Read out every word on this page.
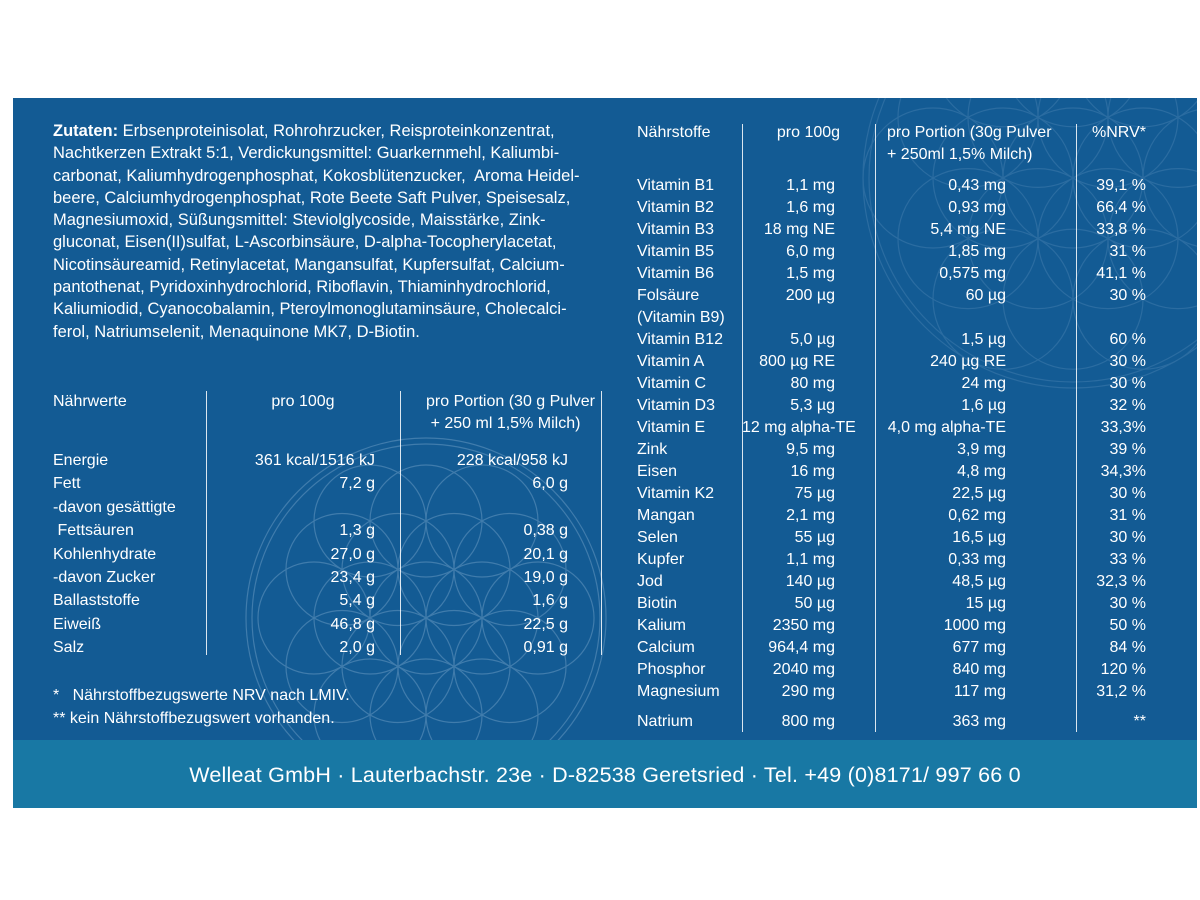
Zutaten: Erbsenproteinisolat, Rohrohrzucker, Reisproteinkonzentrat,
Nachtkerzen Extrakt 5:1, Verdickungsmittel: Guarkernmehl, Kaliumbi-
carbonat, Kaliumhydrogenphosphat, Kokosblütenzucker,  Aroma Heidel-
beere, Calciumhydrogenphosphat, Rote Beete Saft Pulver, Speisesalz,
Magnesiumoxid, Süßungsmittel: Steviolglycoside, Maisstärke, Zink-
gluconat, Eisen(II)sulfat, L-Ascorbinsäure, D-alpha-Tocopherylacetat,
Nicotinsäureamid, Retinylacetat, Mangansulfat, Kupfersulfat, Calcium-
pantothenat, Pyridoxinhydrochlorid, Riboflavin, Thiaminhydrochlorid,
Kaliumiodid, Cyanocobalamin, Pteroylmonoglutaminsäure, Cholecalci-
ferol, Natriumselenit, Menaquinone MK7, D-Biotin.
Nährwerte	pro 100g	pro Portion (30 g Pulver
+ 250 ml 1,5% Milch)
Energie	361 kcal/1516 kJ	228 kcal/958 kJ
Fett	7,2 g	6,0 g
-davon gesättigte
Fettsäuren	1,3 g	0,38 g
Kohlenhydrate	27,0 g	20,1 g
-davon Zucker	23,4 g	19,0 g
Ballaststoffe	5,4 g	1,6 g
Eiweiß	46,8 g	22,5 g
Salz	2,0 g	0,91 g
*   Nährstoffbezugswerte NRV nach LMIV.
** kein Nährstoffbezugswert vorhanden.
Nährstoffe	pro 100g	pro Portion (30g Pulver
+ 250ml 1,5% Milch)
%NRV*
Vitamin B1	1,1 mg	0,43 mg	39,1 %
Vitamin B2	1,6 mg	0,93 mg	66,4 %
Vitamin B3	18 mg NE	5,4 mg NE	33,8 %
Vitamin B5	6,0 mg	1,85 mg	31 %
Vitamin B6	1,5 mg	0,575 mg	41,1 %
Folsäure	200 µg	60 µg	30 %
(Vitamin B9)
Vitamin B12	5,0 µg	1,5 µg	60 %
Vitamin A	800 µg RE	240 µg RE	30 %
Vitamin C	80 mg	24 mg	30 %
Vitamin D3	5,3 µg	1,6 µg	32 %
Vitamin E 12 mg alpha-TE	4,0 mg alpha-TE	33,3%
Zink	9,5 mg	3,9 mg	39 %
Eisen	16 mg	4,8 mg	34,3%
Vitamin K2	75 µg	22,5 µg	30 %
Mangan	2,1 mg	0,62 mg	31 %
Selen	55 µg	16,5 µg	30 %
Kupfer	1,1 mg	0,33 mg	33 %
Jod	140 µg	48,5 µg	32,3 %
Biotin	50 µg	15 µg	30 %
Kalium	2350 mg	1000 mg	50 %
Calcium	964,4 mg	677 mg	84 %
Phosphor	2040 mg	840 mg	120 %
Magnesium	290 mg	117 mg	31,2 %
Natrium	800 mg	363 mg	**
Welleat GmbH · Lauterbachstr. 23e · D-82538 Geretsried · Tel. +49 (0)8171/ 997 66 0
